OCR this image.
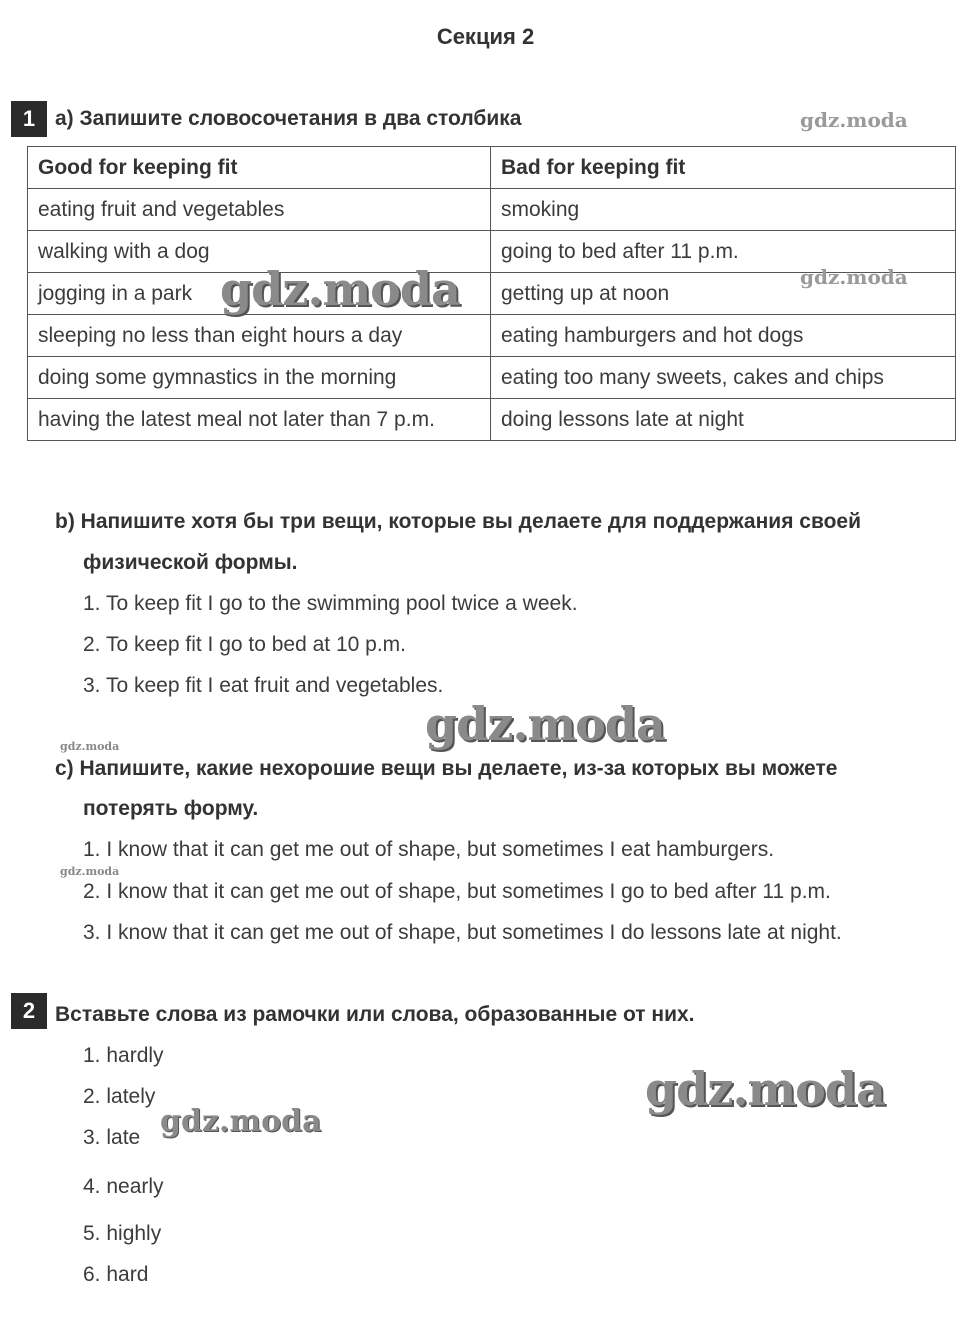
Секция 2
1 a) Запишите словосочетания в два столбика
Good for keeping fit	Bad for keeping fit
eating fruit and vegetables	smoking
walking with a dog	going to bed after 11 p.m.
jogging in a park	getting up at noon
sleeping no less than eight hours a day	eating hamburgers and hot dogs
doing some gymnastics in the morning	eating too many sweets, cakes and chips
having the latest meal not later than 7 p.m.	doing lessons late at night
b) Напишите хотя бы три вещи, которые вы делаете для поддержания своей
физической формы.
1. To keep fit I go to the swimming pool twice a week.
2. To keep fit I go to bed at 10 p.m.
3. To keep fit I eat fruit and vegetables.
c) Напишите, какие нехорошие вещи вы делаете, из-за которых вы можете
потерять форму.
1. I know that it can get me out of shape, but sometimes I eat hamburgers.
2. I know that it can get me out of shape, but sometimes I go to bed after 11 p.m.
3. I know that it can get me out of shape, but sometimes I do lessons late at night.
2 Вставьте слова из рамочки или слова, образованные от них.
1. hardly
2. lately
3. late
4. nearly
5. highly
6. hard
gdz.moda
gdz.moda
gdz.moda
gdz.moda
gdz.moda
gdz.moda
gdz.moda
gdz.moda
